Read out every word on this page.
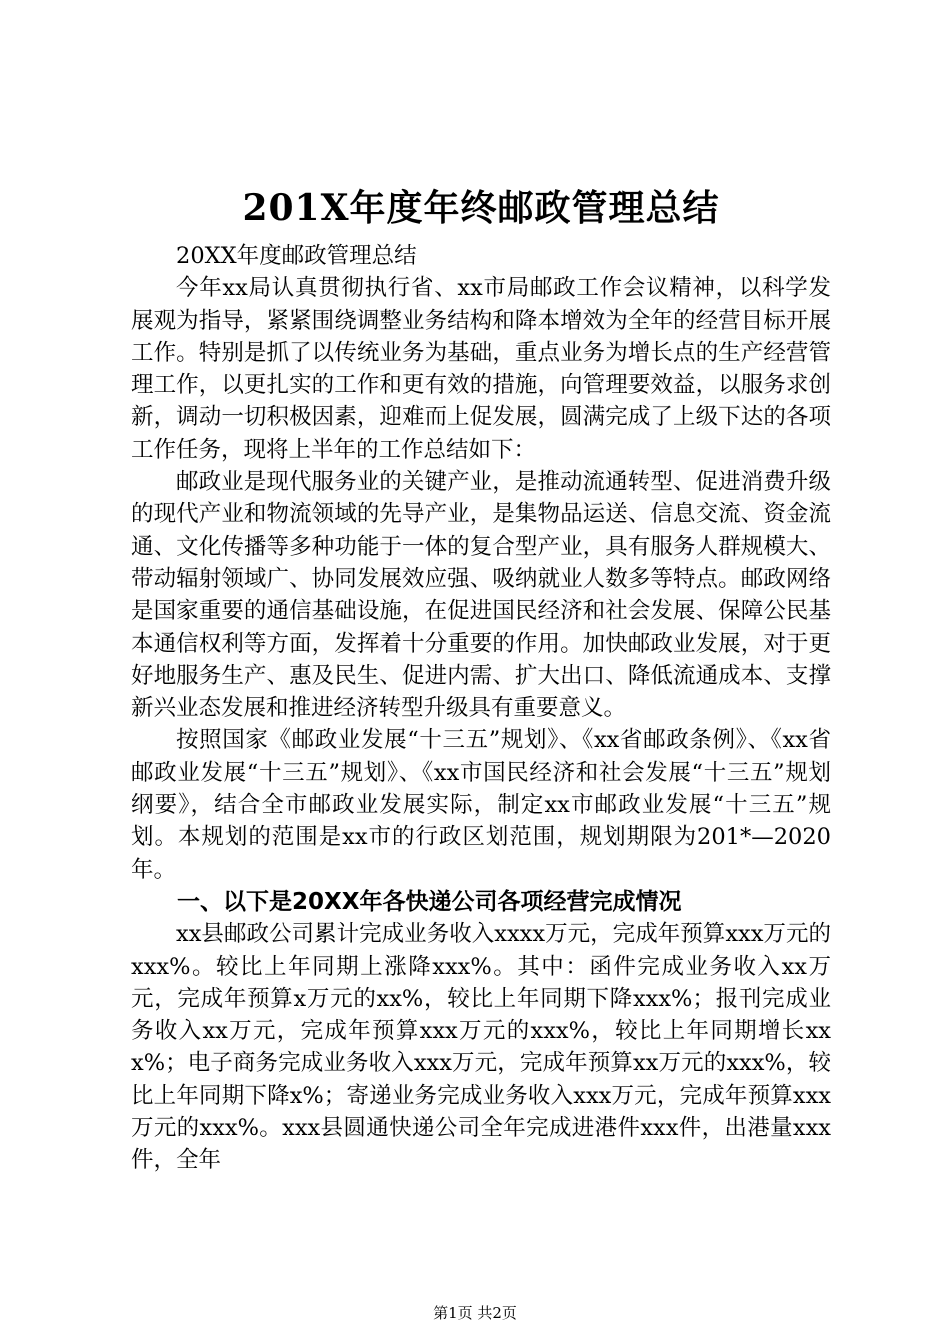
201X年度年终邮政管理总结

20XX年度邮政管理总结

今年xx局认真贯彻执行省、xx市局邮政工作会议精神，以科学发展观为指导，紧紧围绕调整业务结构和降本增效为全年的经营目标开展工作。特别是抓了以传统业务为基础，重点业务为增长点的生产经营管理工作，以更扎实的工作和更有效的措施，向管理要效益，以服务求创新，调动一切积极因素，迎难而上促发展，圆满完成了上级下达的各项工作任务，现将上半年的工作总结如下：

邮政业是现代服务业的关键产业，是推动流通转型、促进消费升级的现代产业和物流领域的先导产业，是集物品运送、信息交流、资金流通、文化传播等多种功能于一体的复合型产业，具有服务人群规模大、带动辐射领域广、协同发展效应强、吸纳就业人数多等特点。邮政网络是国家重要的通信基础设施，在促进国民经济和社会发展、保障公民基本通信权利等方面，发挥着十分重要的作用。加快邮政业发展，对于更好地服务生产、惠及民生、促进内需、扩大出口、降低流通成本、支撑新兴业态发展和推进经济转型升级具有重要意义。

按照国家《邮政业发展“十三五”规划》、《xx省邮政条例》、《xx省邮政业发展“十三五”规划》、《xx市国民经济和社会发展“十三五”规划纲要》，结合全市邮政业发展实际，制定xx市邮政业发展“十三五”规划。本规划的范围是xx市的行政区划范围，规划期限为201*—2020年。

一、以下是20XX年各快递公司各项经营完成情况

xx县邮政公司累计完成业务收入xxxx万元，完成年预算xxx万元的xxx%。较比上年同期上涨降xxx%。其中：函件完成业务收入xx万元，完成年预算x万元的xx%，较比上年同期下降xxx%；报刊完成业务收入xx万元，完成年预算xxx万元的xxx%，较比上年同期增长xxx%；电子商务完成业务收入xxx万元，完成年预算xx万元的xxx%，较比上年同期下降x%；寄递业务完成业务收入xxx万元，完成年预算xxx万元的xxx%。xxx县圆通快递公司全年完成进港件xxx件，出港量xxx件，全年

第1页 共2页
